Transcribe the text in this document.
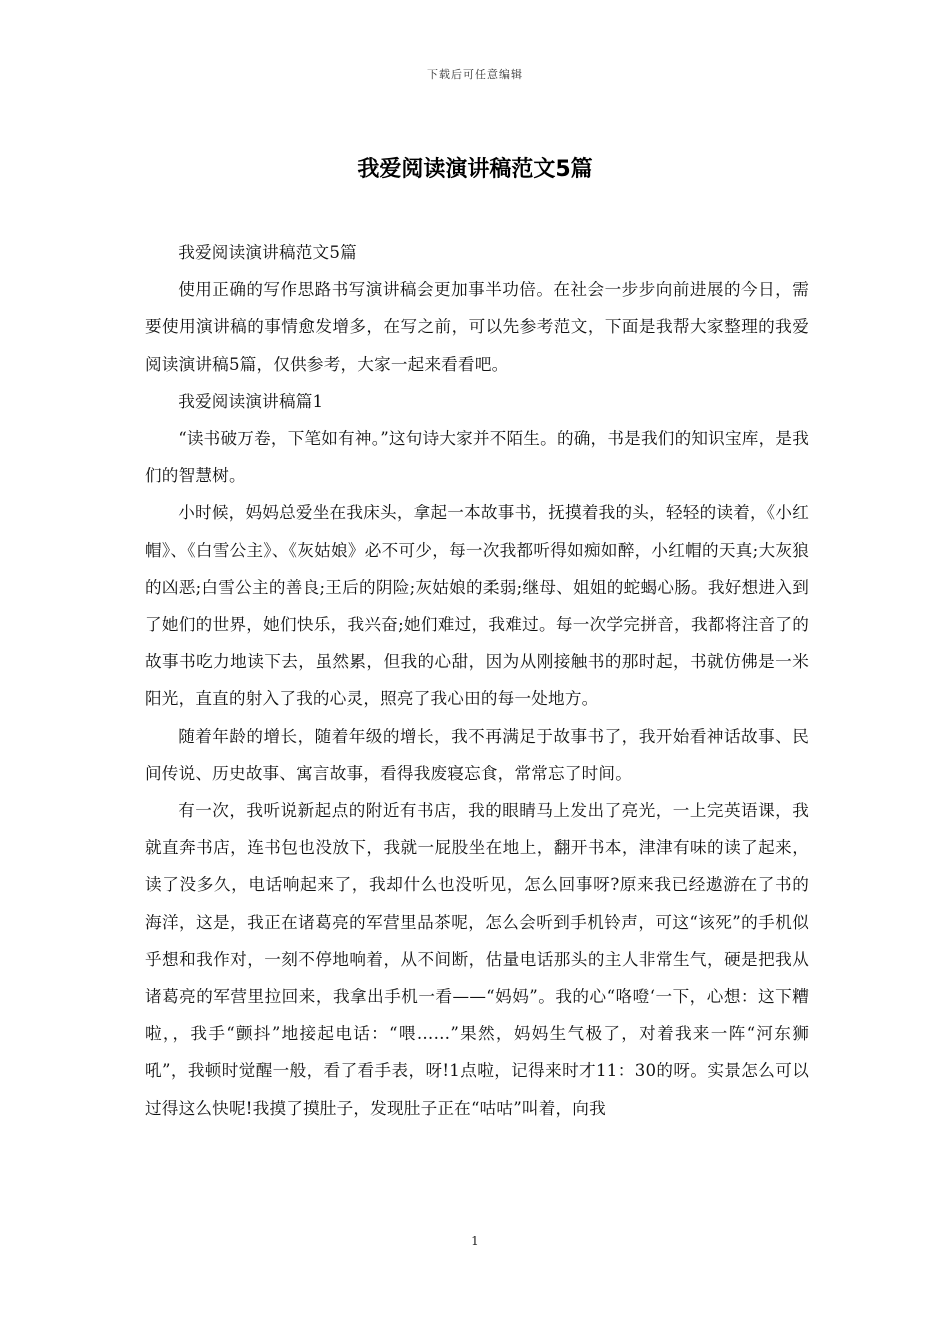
下载后可任意编辑
我爱阅读演讲稿范文5篇

我爱阅读演讲稿范文5篇

使用正确的写作思路书写演讲稿会更加事半功倍。在社会一步步向前进展的今日，需要使用演讲稿的事情愈发增多，在写之前，可以先参考范文，下面是我帮大家整理的我爱阅读演讲稿5篇，仅供参考，大家一起来看看吧。

我爱阅读演讲稿篇1

“读书破万卷，下笔如有神。”这句诗大家并不陌生。的确，书是我们的知识宝库，是我们的智慧树。

小时候，妈妈总爱坐在我床头，拿起一本故事书，抚摸着我的头，轻轻的读着，《小红帽》、《白雪公主》、《灰姑娘》必不可少，每一次我都听得如痴如醉，小红帽的天真;大灰狼的凶恶;白雪公主的善良;王后的阴险;灰姑娘的柔弱;继母、姐姐的蛇蝎心肠。我好想进入到了她们的世界，她们快乐，我兴奋;她们难过，我难过。每一次学完拼音，我都将注音了的故事书吃力地读下去，虽然累，但我的心甜，因为从刚接触书的那时起，书就仿佛是一米阳光，直直的射入了我的心灵，照亮了我心田的每一处地方。

随着年龄的增长，随着年级的增长，我不再满足于故事书了，我开始看神话故事、民间传说、历史故事、寓言故事，看得我废寝忘食，常常忘了时间。

有一次，我听说新起点的附近有书店，我的眼睛马上发出了亮光，一上完英语课，我就直奔书店，连书包也没放下，我就一屁股坐在地上，翻开书本，津津有味的读了起来，读了没多久，电话响起来了，我却什么也没听见，怎么回事呀?原来我已经遨游在了书的海洋，这是，我正在诸葛亮的军营里品茶呢，怎么会听到手机铃声，可这“该死”的手机似乎想和我作对，一刻不停地响着，从不间断，估量电话那头的主人非常生气，硬是把我从诸葛亮的军营里拉回来，我拿出手机一看——“妈妈”。我的心“咯噔‘一下，心想：这下糟啦，，我手“颤抖”地接起电话：“喂……”果然，妈妈生气极了，对着我来一阵“河东狮吼”，我顿时觉醒一般，看了看手表，呀!1点啦，记得来时才11：30的呀。实景怎么可以过得这么快呢!我摸了摸肚子，发现肚子正在“咕咕”叫着，向我

1
